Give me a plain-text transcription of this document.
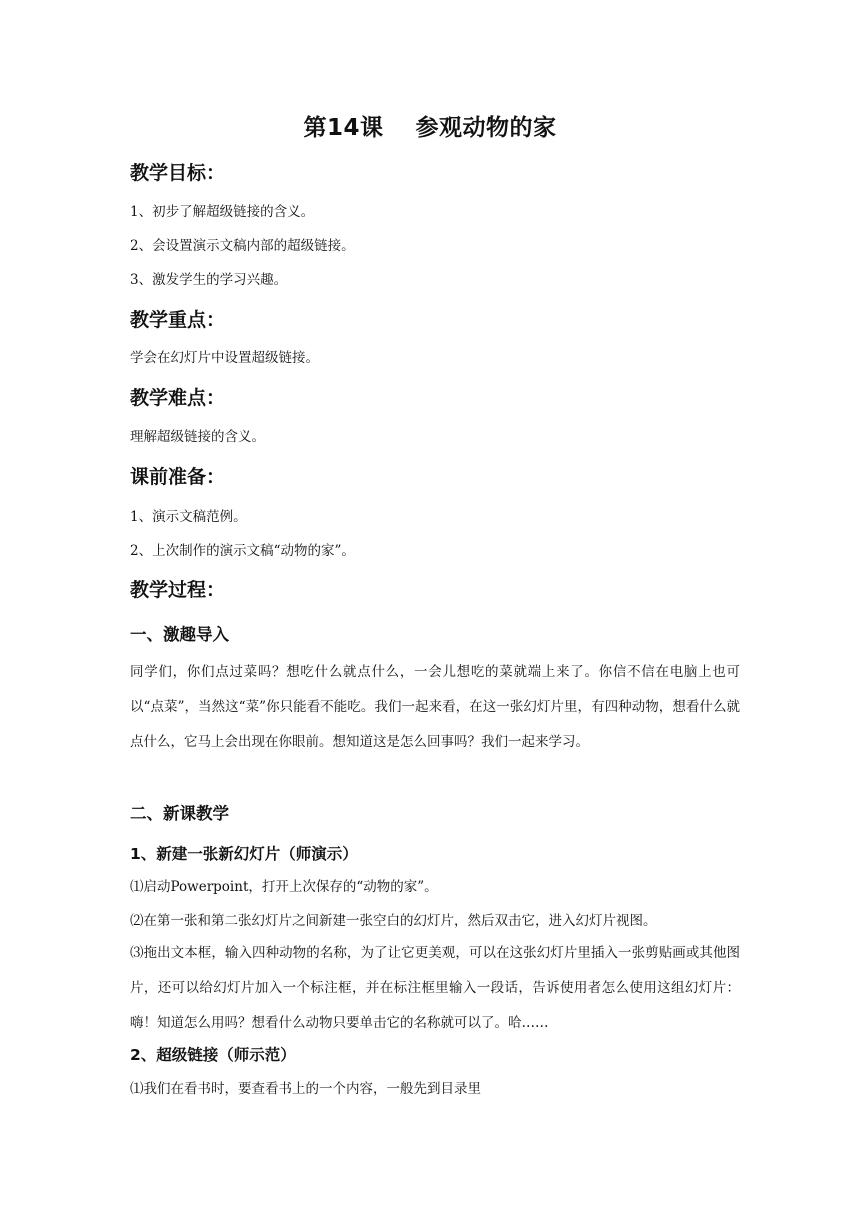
第14课　 参观动物的家
教学目标：
1、初步了解超级链接的含义。
2、会设置演示文稿内部的超级链接。
3、激发学生的学习兴趣。
教学重点：
学会在幻灯片中设置超级链接。
教学难点：
理解超级链接的含义。
课前准备：
1、演示文稿范例。
2、上次制作的演示文稿“动物的家”。
教学过程：
一、激趣导入
同学们，你们点过菜吗？想吃什么就点什么，一会儿想吃的菜就端上来了。你信不信在电脑上也可以“点菜”，当然这“菜”你只能看不能吃。我们一起来看，在这一张幻灯片里，有四种动物，想看什么就点什么，它马上会出现在你眼前。想知道这是怎么回事吗？我们一起来学习。
二、新课教学
1、新建一张新幻灯片（师演示）
⑴启动Powerpoint，打开上次保存的“动物的家”。
⑵在第一张和第二张幻灯片之间新建一张空白的幻灯片，然后双击它，进入幻灯片视图。
⑶拖出文本框，输入四种动物的名称，为了让它更美观，可以在这张幻灯片里插入一张剪贴画或其他图片，还可以给幻灯片加入一个标注框，并在标注框里输入一段话，告诉使用者怎么使用这组幻灯片：嗨！知道怎么用吗？想看什么动物只要单击它的名称就可以了。哈……
2、超级链接（师示范）
⑴我们在看书时，要查看书上的一个内容，一般先到目录里
